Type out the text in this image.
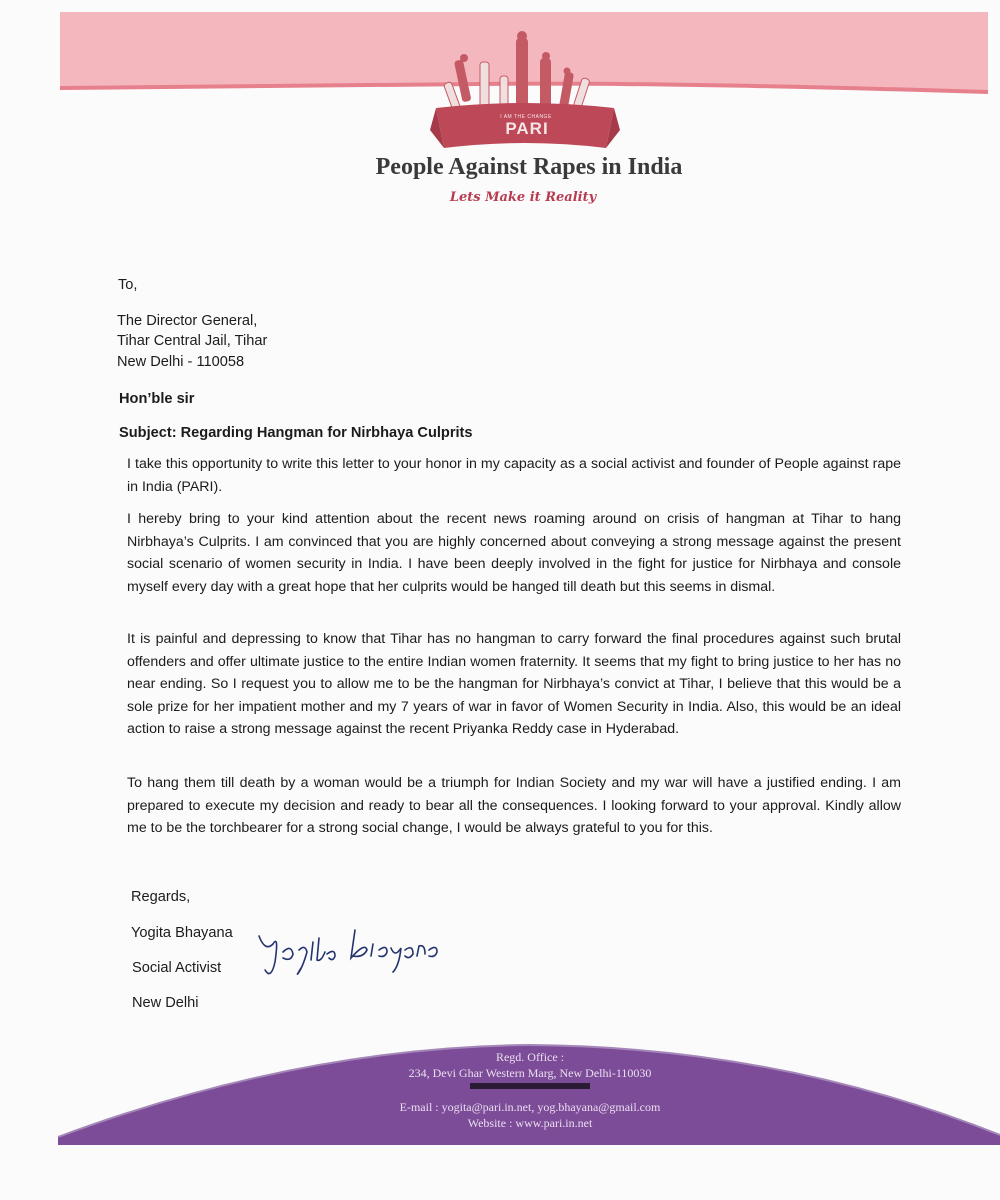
I AM THE CHANGE
PARI
People Against Rapes in India
Lets Make it Reality
To,
The Director General,
Tihar Central Jail, Tihar
New Delhi - 110058
Hon’ble sir
Subject: Regarding Hangman for Nirbhaya Culprits
I take this opportunity to write this letter to your honor in my capacity as a social activist and founder of People against rape in India (PARI).
I hereby bring to your kind attention about the recent news roaming around on crisis of hangman at Tihar to hang Nirbhaya’s Culprits. I am convinced that you are highly concerned about conveying a strong message against the present social scenario of women security in India. I have been deeply involved in the fight for justice for Nirbhaya and console myself every day with a great hope that her culprits would be hanged till death but this seems in dismal.
It is painful and depressing to know that Tihar has no hangman to carry forward the final procedures against such brutal offenders and offer ultimate justice to the entire Indian women fraternity. It seems that my fight to bring justice to her has no near ending. So I request you to allow me to be the hangman for Nirbhaya’s convict at Tihar, I believe that this would be a sole prize for her impatient mother and my 7 years of war in favor of Women Security in India. Also, this would be an ideal action to raise a strong message against the recent Priyanka Reddy case in Hyderabad.
To hang them till death by a woman would be a triumph for Indian Society and my war will have a justified ending. I am prepared to execute my decision and ready to bear all the consequences. I looking forward to your approval. Kindly allow me to be the torchbearer for a strong social change, I would be always grateful to you for this.
Regards,
Yogita Bhayana
Social Activist
New Delhi
Regd. Office :
234, Devi Ghar Western Marg, New Delhi-110030
E-mail : yogita@pari.in.net, yog.bhayana@gmail.com
Website : www.pari.in.net
